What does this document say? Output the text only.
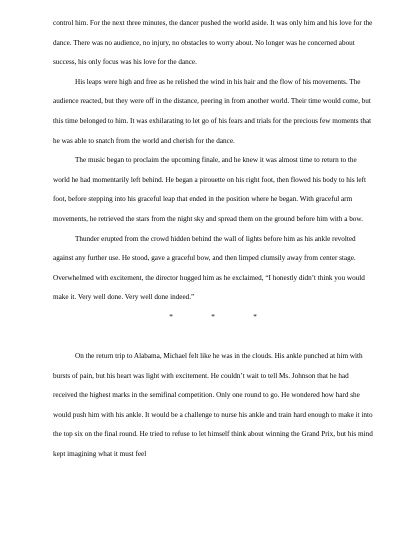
control him. For the next three minutes, the dancer pushed the world aside. It was only him and his love for the dance. There was no audience, no injury, no obstacles to worry about. No longer was he concerned about success, his only focus was his love for the dance.

His leaps were high and free as he relished the wind in his hair and the flow of his movements. The audience reacted, but they were off in the distance, peering in from another world. Their time would come, but this time belonged to him. It was exhilarating to let go of his fears and trials for the precious few moments that he was able to snatch from the world and cherish for the dance.

The music began to proclaim the upcoming finale, and he knew it was almost time to return to the world he had momentarily left behind. He began a pirouette on his right foot, then flowed his body to his left foot, before stepping into his graceful leap that ended in the position where he began. With graceful arm movements, he retrieved the stars from the night sky and spread them on the ground before him with a bow.

Thunder erupted from the crowd hidden behind the wall of lights before him as his ankle revolted against any further use. He stood, gave a graceful bow, and then limped clumsily away from center stage. Overwhelmed with excitement, the director hugged him as he exclaimed, “I honestly didn’t think you would make it. Very well done. Very well done indeed.”

*	*	*

On the return trip to Alabama, Michael felt like he was in the clouds. His ankle punched at him with bursts of pain, but his heart was light with excitement. He couldn’t wait to tell Ms. Johnson that he had received the highest marks in the semifinal competition. Only one round to go. He wondered how hard she would push him with his ankle. It would be a challenge to nurse his ankle and train hard enough to make it into the top six on the final round. He tried to refuse to let himself think about winning the Grand Prix, but his mind kept imagining what it must feel
